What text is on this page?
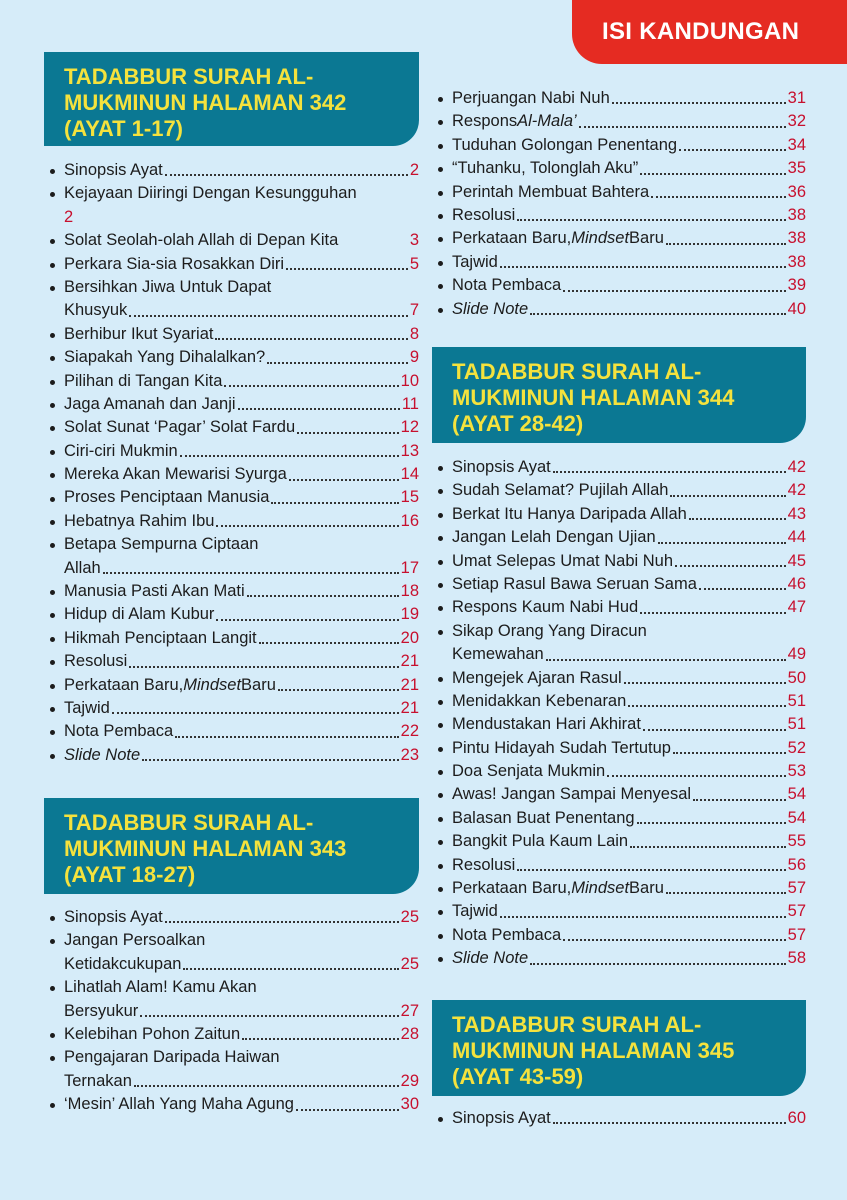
ISI KANDUNGAN
TADABBUR SURAH AL-
MUKMINUN HALAMAN 342
(AYAT 1-17)
Sinopsis Ayat	2
Kejayaan Diiringi Dengan Kesungguhan
2
Solat Seolah-olah Allah di Depan Kita	3
Perkara Sia-sia Rosakkan Diri	5
Bersihkan Jiwa Untuk Dapat
Khusyuk	7
Berhibur Ikut Syariat	8
Siapakah Yang Dihalalkan?	9
Pilihan di Tangan Kita	10
Jaga Amanah dan Janji	11
Solat Sunat ‘Pagar’ Solat Fardu	12
Ciri-ciri Mukmin	13
Mereka Akan Mewarisi Syurga	14
Proses Penciptaan Manusia	15
Hebatnya Rahim Ibu	16
Betapa Sempurna Ciptaan
Allah	17
Manusia Pasti Akan Mati	18
Hidup di Alam Kubur	19
Hikmah Penciptaan Langit	20
Resolusi	21
Perkataan Baru, Mindset Baru	21
Tajwid	21
Nota Pembaca	22
Slide Note	23
TADABBUR SURAH AL-
MUKMINUN HALAMAN 343
(AYAT 18-27)
Sinopsis Ayat	25
Jangan Persoalkan
Ketidakcukupan	25
Lihatlah Alam! Kamu Akan
Bersyukur	27
Kelebihan Pohon Zaitun	28
Pengajaran Daripada Haiwan
Ternakan	29
‘Mesin’ Allah Yang Maha Agung	30
Perjuangan Nabi Nuh	31
Respons Al-Mala’	32
Tuduhan Golongan Penentang	34
“Tuhanku, Tolonglah Aku”	35
Perintah Membuat Bahtera	36
Resolusi	38
Perkataan Baru, Mindset Baru	38
Tajwid	38
Nota Pembaca	39
Slide Note	40
TADABBUR SURAH AL-
MUKMINUN HALAMAN 344
(AYAT 28-42)
Sinopsis Ayat	42
Sudah Selamat? Pujilah Allah	42
Berkat Itu Hanya Daripada Allah	43
Jangan Lelah Dengan Ujian	44
Umat Selepas Umat Nabi Nuh	45
Setiap Rasul Bawa Seruan Sama	46
Respons Kaum Nabi Hud	47
Sikap Orang Yang Diracun
Kemewahan	49
Mengejek Ajaran Rasul	50
Menidakkan Kebenaran	51
Mendustakan Hari Akhirat	51
Pintu Hidayah Sudah Tertutup	52
Doa Senjata Mukmin	53
Awas! Jangan Sampai Menyesal	54
Balasan Buat Penentang	54
Bangkit Pula Kaum Lain	55
Resolusi	56
Perkataan Baru, Mindset Baru	57
Tajwid	57
Nota Pembaca	57
Slide Note	58
TADABBUR SURAH AL-
MUKMINUN HALAMAN 345
(AYAT 43-59)
Sinopsis Ayat	60
